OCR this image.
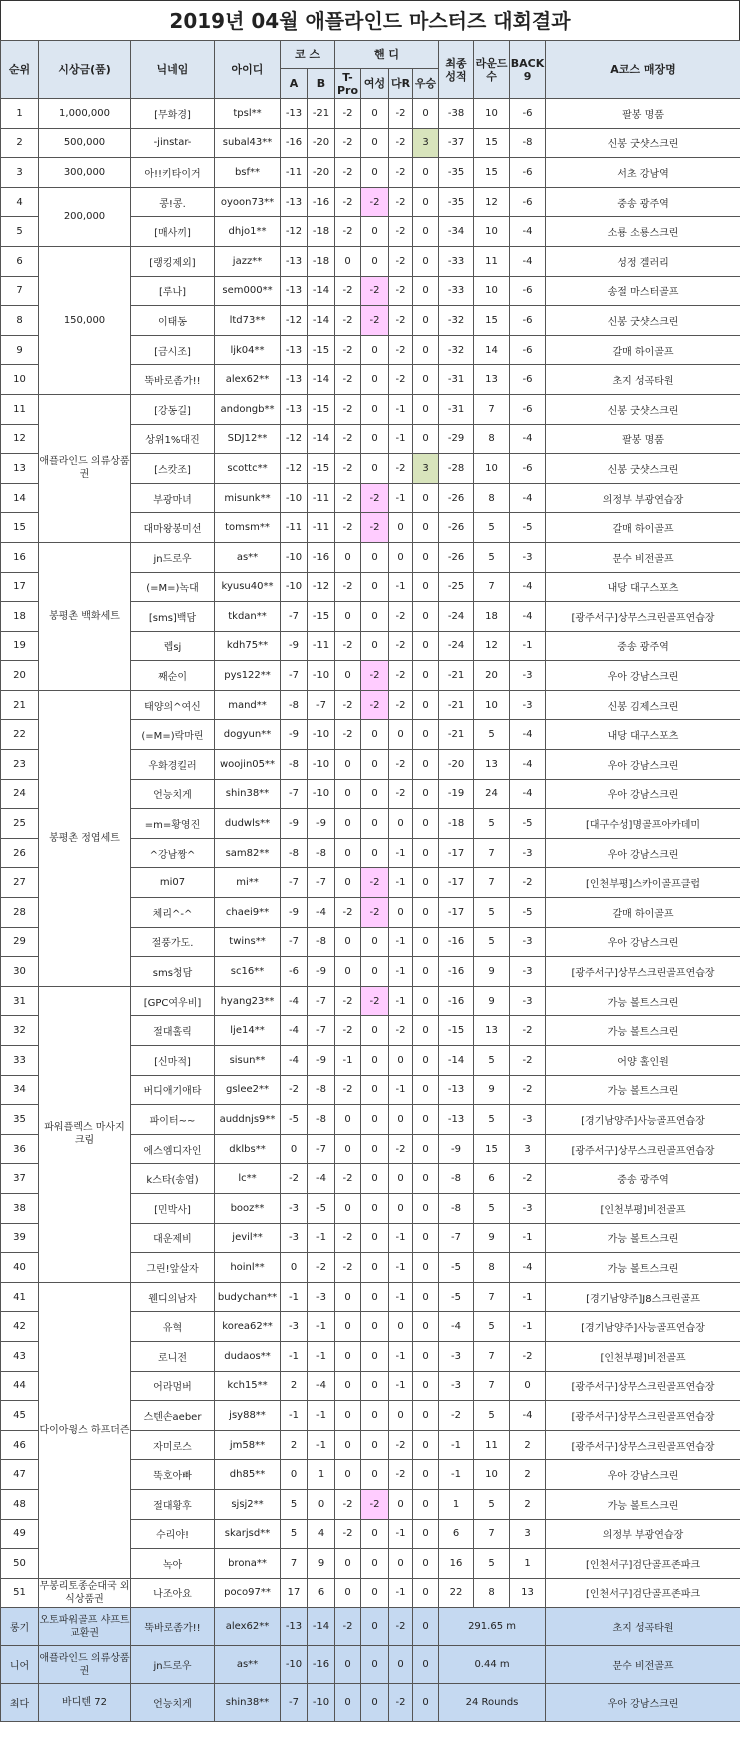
2019년 04월 애플라인드 마스터즈 대회결과
순위	시상금(품)	닉네임	아이디	코 스		핸 디				최종 성적	라운드 수	BACK 9	A코스 매장명
				A	B	T-Pro	여성	다R	우승				
1	1,000,000	[무화경]	tpsl**	-13	-21	-2	0	-2	0	-38	10	-6	팔봉 명품
2	500,000	-jinstar-	subal43**	-16	-20	-2	0	-2	3	-37	15	-8	신봉 굿샷스크린
3	300,000	아!!키타이거	bsf**	-11	-20	-2	0	-2	0	-35	15	-6	서초 강남역
4	200,000	콩!콩.	oyoon73**	-13	-16	-2	-2	-2	0	-35	12	-6	중송 광주역
5		[매사끼]	dhjo1**	-12	-18	-2	0	-2	0	-34	10	-4	소룡 소룡스크린
6	150,000	[랭킹제외]	jazz**	-13	-18	0	0	-2	0	-33	11	-4	성정 겔러리
7		[루나]	sem000**	-13	-14	-2	-2	-2	0	-33	10	-6	송절 마스터골프
8		이태동	ltd73**	-12	-14	-2	-2	-2	0	-32	15	-6	신봉 굿샷스크린
9		[금시조]	ljk04**	-13	-15	-2	0	-2	0	-32	14	-6	갈매 하이골프
10		뚝바로좀가!!	alex62**	-13	-14	-2	0	-2	0	-31	13	-6	초지 성곡타원
11	애플라인드 의류상품권	[강동길]	andongb**	-13	-15	-2	0	-1	0	-31	7	-6	신봉 굿샷스크린
12		상위1%대진	SDJ12**	-12	-14	-2	0	-1	0	-29	8	-4	팔봉 명품
13		[스캇조]	scottc**	-12	-15	-2	0	-2	3	-28	10	-6	신봉 굿샷스크린
14		부광마녀	misunk**	-10	-11	-2	-2	-1	0	-26	8	-4	의정부 부광연습장
15		대마왕봉미선	tomsm**	-11	-11	-2	-2	0	0	-26	5	-5	갈매 하이골프
16	봉평촌 백화세트	jn드로우	as**	-10	-16	0	0	0	0	-26	5	-3	문수 비전골프
17		(=M=)녹대	kyusu40**	-10	-12	-2	0	-1	0	-25	7	-4	내당 대구스포츠
18		[sms]백담	tkdan**	-7	-15	0	0	-2	0	-24	18	-4	[광주서구]상무스크린골프연습장
19		렙sj	kdh75**	-9	-11	-2	0	-2	0	-24	12	-1	중송 광주역
20		째순이	pys122**	-7	-10	0	-2	-2	0	-21	20	-3	우아 강남스크린
21	봉평촌 정엽세트	태양의^여신	mand**	-8	-7	-2	-2	-2	0	-21	10	-3	신봉 김제스크린
22		(=M=)락마린	dogyun**	-9	-10	-2	0	0	0	-21	5	-4	내당 대구스포츠
23		우화경킬러	woojin05**	-8	-10	0	0	-2	0	-20	13	-4	우아 강남스크린
24		언능치게	shin38**	-7	-10	0	0	-2	0	-19	24	-4	우아 강남스크린
25		=m=황영진	dudwls**	-9	-9	0	0	0	0	-18	5	-5	[대구수성]명골프아카데미
26		^강남짱^	sam82**	-8	-8	0	0	-1	0	-17	7	-3	우아 강남스크린
27		mi07	mi**	-7	-7	0	-2	-1	0	-17	7	-2	[인천부평]스카이골프클럽
28		체리^-^	chaei9**	-9	-4	-2	-2	0	0	-17	5	-5	갈매 하이골프
29		절풍가도.	twins**	-7	-8	0	0	-1	0	-16	5	-3	우아 강남스크린
30		sms청담	sc16**	-6	-9	0	0	-1	0	-16	9	-3	[광주서구]상무스크린골프연습장
31	파워플렉스 마사지 크림	[GPC여우비]	hyang23**	-4	-7	-2	-2	-1	0	-16	9	-3	가능 볼트스크린
32		절대홀릭	lje14**	-4	-7	-2	0	-2	0	-15	13	-2	가능 볼트스크린
33		[신마적]	sisun**	-4	-9	-1	0	0	0	-14	5	-2	어양 홀인원
34		버디애기애타	gslee2**	-2	-8	-2	0	-1	0	-13	9	-2	가능 볼트스크린
35		파이터~~	auddnjs9**	-5	-8	0	0	0	0	-13	5	-3	[경기남양주]사능골프연습장
36		에스엠디자인	dklbs**	0	-7	0	0	-2	0	-9	15	3	[광주서구]상무스크린골프연습장
37		k스타(송엽)	lc**	-2	-4	-2	0	0	0	-8	6	-2	중송 광주역
38		[민박사]	booz**	-3	-5	0	0	0	0	-8	5	-3	[인천부평]비전골프
39		대운제비	jevil**	-3	-1	-2	0	-1	0	-7	9	-1	가능 볼트스크린
40		그린!앞살자	hoinl**	0	-2	-2	0	-1	0	-5	8	-4	가능 볼트스크린
41	다이아윙스 하프더즌	웬디의남자	budychan**	-1	-3	0	0	-1	0	-5	7	-1	[경기남양주]J8스크린골프
42		유혁	korea62**	-3	-1	0	0	0	0	-4	5	-1	[경기남양주]사능골프연습장
43		로니전	dudaos**	-1	-1	0	0	-1	0	-3	7	-2	[인천부평]비전골프
44		어라멈버	kch15**	2	-4	0	0	-1	0	-3	7	0	[광주서구]상무스크린골프연습장
45		스텐손aeber	jsy88**	-1	-1	0	0	0	0	-2	5	-4	[광주서구]상무스크린골프연습장
46		자미로스	jm58**	2	-1	0	0	-2	0	-1	11	2	[광주서구]상무스크린골프연습장
47		뚝호아빠	dh85**	0	1	0	0	-2	0	-1	10	2	우아 강남스크린
48		절대황후	sjsj2**	5	0	-2	-2	0	0	1	5	2	가능 볼트스크린
49		수리야!	skarjsd**	5	4	-2	0	-1	0	6	7	3	의정부 부광연습장
50		녹아	brona**	7	9	0	0	0	0	16	5	1	[인천서구]검단골프존파크
51	무봉리토종순대국 외식상품권	나조아요	poco97**	17	6	0	0	-1	0	22	8	13	[인천서구]검단골프존파크
롱기	오토파워골프 샤프트 교환권	뚝바로좀가!!	alex62**	-13	-14	-2	0	-2	0	291.65 m			초지 성곡타원
니어	애플라인드 의류상품권	jn드로우	as**	-10	-16	0	0	0	0	0.44 m			문수 비전골프
최다	바디텐 72	언능치게	shin38**	-7	-10	0	0	-2	0	24 Rounds			우아 강남스크린
